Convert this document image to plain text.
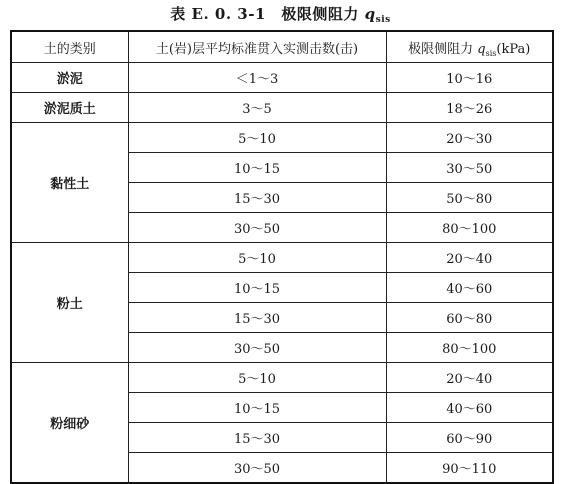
表 E. 0. 3-1　极限侧阻力 $q_{sis}$
土的类别	土(岩)层平均标准贯入实测击数(击)	极限侧阻力 $q_{sis}(kPa)$
淤泥	＜1～3	10～16
淤泥质土	3～5	18～26
黏性土	5～10	20～30
	10～15	30～50
	15～30	50～80
	30～50	80～100
粉土	5～10	20～40
	10～15	40～60
	15～30	60～80
	30～50	80～100
粉细砂	5～10	20～40
	10～15	40～60
	15～30	60～90
	30～50	90～110
